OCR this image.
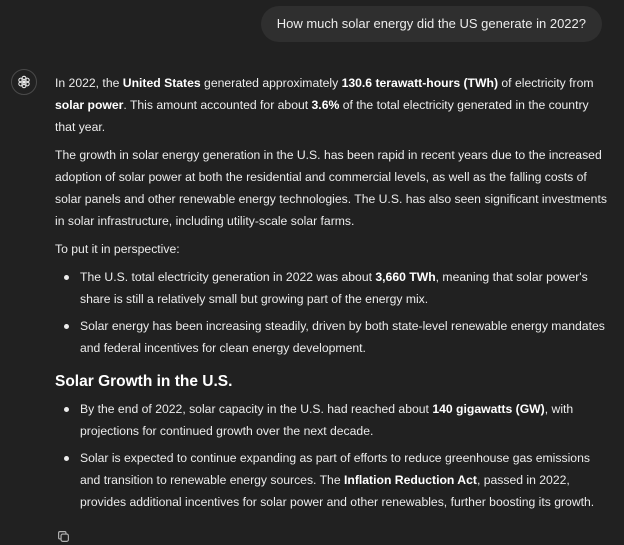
How much solar energy did the US generate in 2022?

In 2022, the United States generated approximately 130.6 terawatt-hours (TWh) of electricity from solar power. This amount accounted for about 3.6% of the total electricity generated in the country that year.

The growth in solar energy generation in the U.S. has been rapid in recent years due to the increased adoption of solar power at both the residential and commercial levels, as well as the falling costs of solar panels and other renewable energy technologies. The U.S. has also seen significant investments in solar infrastructure, including utility-scale solar farms.

To put it in perspective:

The U.S. total electricity generation in 2022 was about 3,660 TWh, meaning that solar power's share is still a relatively small but growing part of the energy mix.
Solar energy has been increasing steadily, driven by both state-level renewable energy mandates and federal incentives for clean energy development.
Solar Growth in the U.S.
By the end of 2022, solar capacity in the U.S. had reached about 140 gigawatts (GW), with projections for continued growth over the next decade.
Solar is expected to continue expanding as part of efforts to reduce greenhouse gas emissions and transition to renewable energy sources. The Inflation Reduction Act, passed in 2022, provides additional incentives for solar power and other renewables, further boosting its growth.
